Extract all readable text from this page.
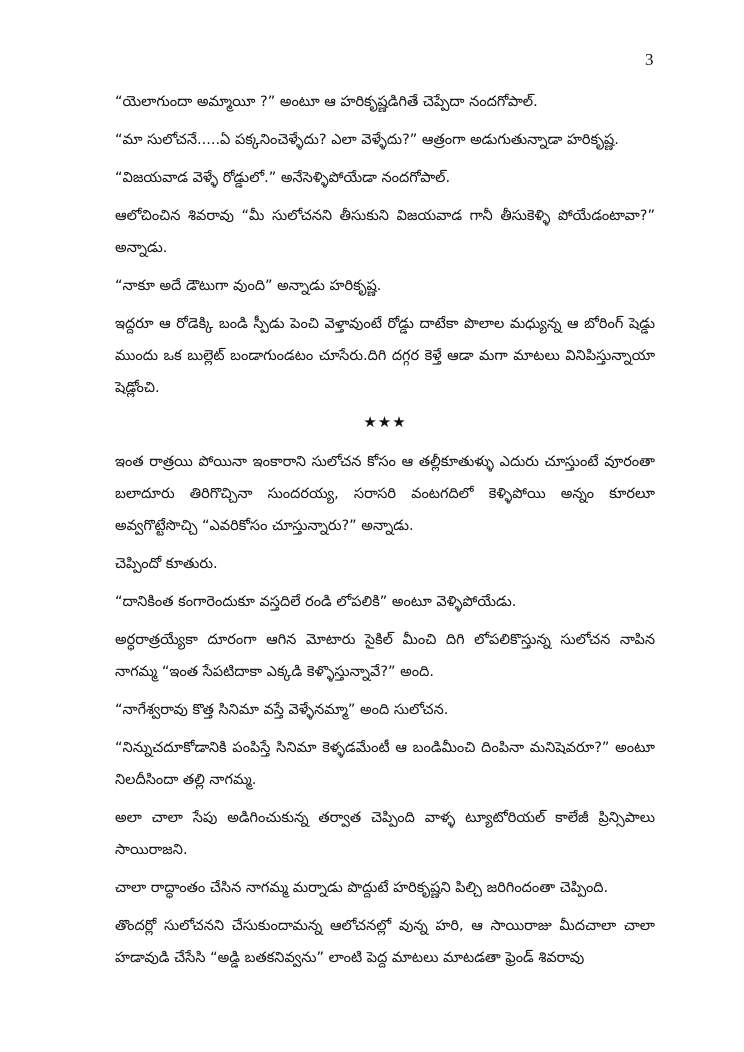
3

“యెలాగుందా అమ్మాయీ ?” అంటూ ఆ హరికృష్ణడిగితే చెప్పేదా నందగోపాల్.

“మా సులోచనే.....ఏ పక్కనించెళ్ళేదు? ఎలా వెళ్ళేదు?” ఆత్రంగా అడుగుతున్నాడా హరికృష్ణ.

“విజయవాడ వెళ్ళే రోడ్డులో.” అనేసెళ్ళిపోయేడా నందగోపాల్.

ఆలోచించిన శివరావు “మీ సులోచనని తీసుకుని విజయవాడ గానీ తీసుకెళ్ళి పోయేడంటావా?” అన్నాడు.

“నాకూ అదే డౌటుగా వుంది” అన్నాడు హరికృష్ణ.

ఇద్దరూ ఆ రోడెక్కి బండి స్పీడు పెంచి వెళ్తావుంటే రోడ్డు దాటేకా పొలాల మధ్యున్న ఆ బోరింగ్ షెడ్డు ముందు ఒక బుల్లెట్ బండాగుండటం చూసేరు.దిగి దగ్గర కెళ్తే ఆడా మగా మాటలు వినిపిస్తున్నాయా షెడ్లోంచి.

★★★

ఇంత రాత్రయి పోయినా ఇంకారాని సులోచన కోసం ఆ తల్లీకూతుళ్ళు ఎదురు చూస్తుంటే వూరంతా బలాదూరు తిరిగొచ్చినా సుందరయ్య, సరాసరి వంటగదిలో కెళ్ళిపోయి అన్నం కూరలూ అవ్వగొట్టేసొచ్చి “ఎవరికోసం చూస్తున్నారు?” అన్నాడు.

చెప్పిందో కూతురు.

“దానికింత కంగారెందుకూ వస్తదిలే రండి లోపలికి” అంటూ వెళ్ళిపోయేడు.

అర్ధరాత్రయ్యేకా దూరంగా ఆగిన మోటారు సైకిల్ మీంచి దిగి లోపలికొస్తున్న సులోచన నాపిన నాగమ్మ “ఇంత సేపటిదాకా ఎక్కడి కెళ్ళొస్తున్నావే?” అంది.

“నాగేశ్వరావు కొత్త సినిమా వస్తే వెళ్ళేనమ్మా” అంది సులోచన.

“నిన్నుచదూకోడానికి పంపిస్తే సినిమా కెళ్ళడమేంటీ ఆ బండిమీంచి దింపినా మనిషెవరూ?” అంటూ నిలదీసిందా తల్లి నాగమ్మ.

అలా చాలా సేపు అడిగించుకున్న తర్వాత చెప్పింది వాళ్ళ ట్యూటోరియల్ కాలేజీ ప్రిన్సిపాలు సాయిరాజని.

చాలా రాద్ధాంతం చేసిన నాగమ్మ మర్నాడు పొద్దుటే హరికృష్ణని పిల్చి జరిగిందంతా చెప్పింది.

తొందర్లో సులోచనని చేసుకుందామన్న ఆలోచనల్లో వున్న హరి, ఆ సాయిరాజు మీదచాలా చాలా హడావుడి చేసేసి “అడ్డి బతకనివ్వను” లాంటి పెద్ద మాటలు మాటడతా ఫ్రెండ్ శివరావు
